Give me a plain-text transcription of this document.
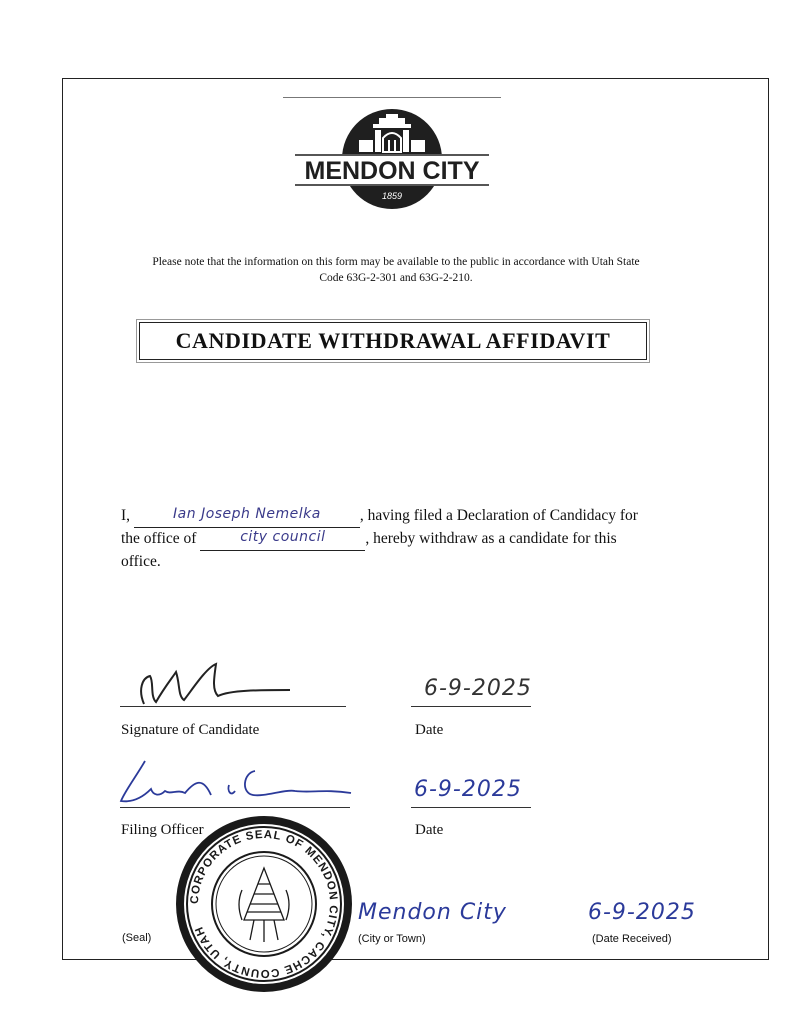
MENDON CITY
1859
Please note that the information on this form may be available to the public in accordance with Utah State
Code 63G-2-301 and 63G-2-210.
CANDIDATE WITHDRAWAL AFFIDAVIT
I,	Ian Joseph Nemelka	, having filed a Declaration of Candidacy for
the office of	city council	, hereby withdraw as a candidate for this
office.
Signature of Candidate
6-9-2025
Date
Filing Officer
6-9-2025
Date
CORPORATE SEAL OF MENDON CITY, CACHE COUNTY, UTAH
(Seal)
Mendon City
(City or Town)
6-9-2025
(Date Received)
